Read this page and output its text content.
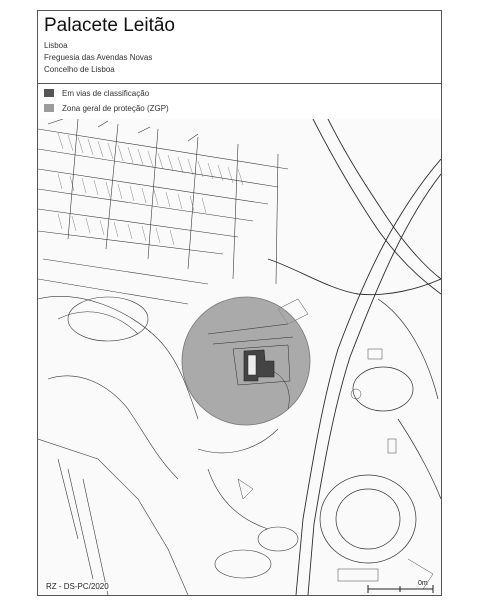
Palacete Leitão
Lisboa
Freguesia das Avendas Novas
Concelho de Lisboa
Em vias de classificação
Zona geral de proteção (ZGP)
0m
RZ - DS-PC/2020
